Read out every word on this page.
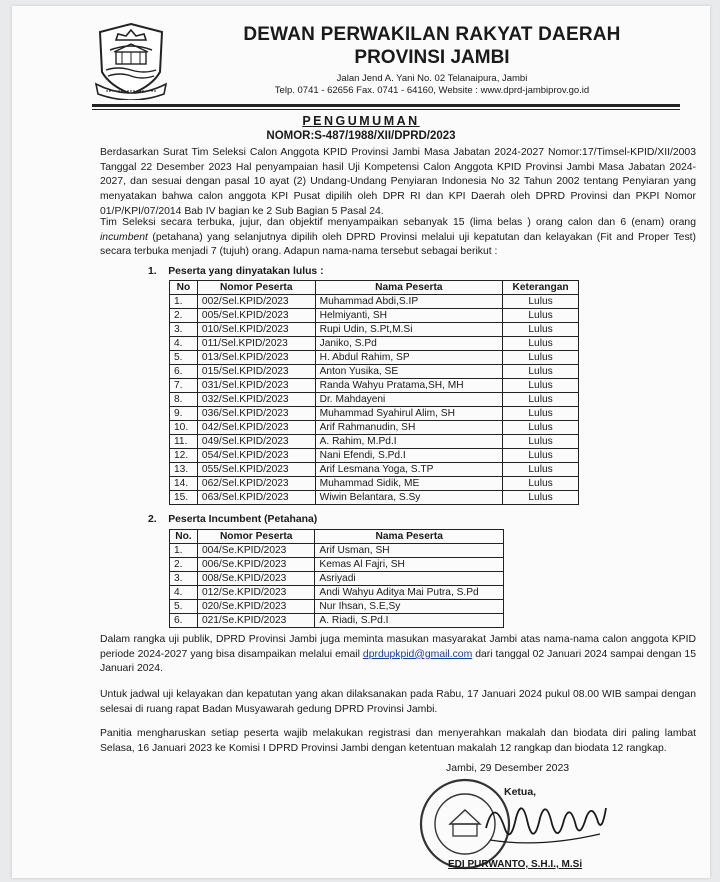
DEWAN PERWAKILAN RAKYAT DAERAH
PROVINSI JAMBI
Jalan Jend A. Yani No. 02 Telanaipura, Jambi
Telp. 0741 - 62656 Fax. 0741 - 64160, Website : www.dprd-jambiprov.go.id
PENGUMUMAN
NOMOR:S-487/1988/XII/DPRD/2023
Berdasarkan Surat Tim Seleksi Calon Anggota KPID Provinsi Jambi Masa Jabatan 2024-2027 Nomor:17/Timsel-KPID/XII/2003 Tanggal 22 Desember 2023 Hal penyampaian hasil Uji Kompetensi Calon Anggota KPID Provinsi Jambi Masa Jabatan 2024-2027, dan sesuai dengan pasal 10 ayat (2) Undang-Undang Penyiaran Indonesia No 32 Tahun 2002 tentang Penyiaran yang menyatakan bahwa calon anggota KPI Pusat dipilih oleh DPR RI dan KPI Daerah oleh DPRD Provinsi dan PKPI Nomor 01/P/KPI/07/2014 Bab IV bagian ke 2 Sub Bagian 5 Pasal 24.
Tim Seleksi secara terbuka, jujur, dan objektif menyampaikan sebanyak 15 (lima belas ) orang calon dan 6 (enam) orang incumbent (petahana) yang selanjutnya dipilih oleh DPRD Provinsi melalui uji kepatutan dan kelayakan (Fit and Proper Test) secara terbuka menjadi 7 (tujuh) orang. Adapun nama-nama tersebut sebagai berikut :
1.    Peserta yang dinyatakan lulus :
No	Nomor Peserta	Nama Peserta	Keterangan
1.	002/Sel.KPID/2023	Muhammad Abdi,S.IP	Lulus
2.	005/Sel.KPID/2023	Helmiyanti, SH	Lulus
3.	010/Sel.KPID/2023	Rupi Udin, S.Pt,M.Si	Lulus
4.	011/Sel.KPID/2023	Janiko, S.Pd	Lulus
5.	013/Sel.KPID/2023	H. Abdul Rahim, SP	Lulus
6.	015/Sel.KPID/2023	Anton Yusika, SE	Lulus
7.	031/Sel.KPID/2023	Randa Wahyu Pratama,SH, MH	Lulus
8.	032/Sel.KPID/2023	Dr. Mahdayeni	Lulus
9.	036/Sel.KPID/2023	Muhammad Syahirul Alim, SH	Lulus
10.	042/Sel.KPID/2023	Arif Rahmanudin, SH	Lulus
11.	049/Sel.KPID/2023	A. Rahim, M.Pd.I	Lulus
12.	054/Sel.KPID/2023	Nani Efendi, S.Pd.I	Lulus
13.	055/Sel.KPID/2023	Arif Lesmana Yoga, S.TP	Lulus
14.	062/Sel.KPID/2023	Muhammad Sidik, ME	Lulus
15.	063/Sel.KPID/2023	Wiwin Belantara, S.Sy	Lulus
2.    Peserta Incumbent (Petahana)
No.	Nomor Peserta	Nama Peserta
1.	004/Se.KPID/2023	Arif Usman, SH
2.	006/Se.KPID/2023	Kemas Al Fajri, SH
3.	008/Se.KPID/2023	Asriyadi
4.	012/Se.KPID/2023	Andi Wahyu Aditya Mai Putra, S.Pd
5.	020/Se.KPID/2023	Nur Ihsan, S.E,Sy
6.	021/Se.KPID/2023	A. Riadi, S.Pd.I
Dalam rangka uji publik, DPRD Provinsi Jambi juga meminta masukan masyarakat Jambi atas nama-nama calon anggota KPID periode 2024-2027 yang bisa disampaikan melalui email dprdupkpid@gmail.com dari tanggal 02 Januari 2024 sampai dengan 15 Januari 2024.
Untuk jadwal uji kelayakan dan kepatutan yang akan dilaksanakan pada Rabu, 17 Januari 2024 pukul 08.00 WIB sampai dengan selesai di ruang rapat Badan Musyawarah gedung DPRD Provinsi Jambi.
Panitia mengharuskan setiap peserta wajib melakukan registrasi dan menyerahkan makalah dan biodata diri paling lambat Selasa, 16 Januari 2023 ke Komisi I DPRD Provinsi Jambi dengan ketentuan makalah 12 rangkap dan biodata 12 rangkap.
Jambi, 29 Desember 2023
Ketua,
EDI PURWANTO, S.H.I., M.Si
